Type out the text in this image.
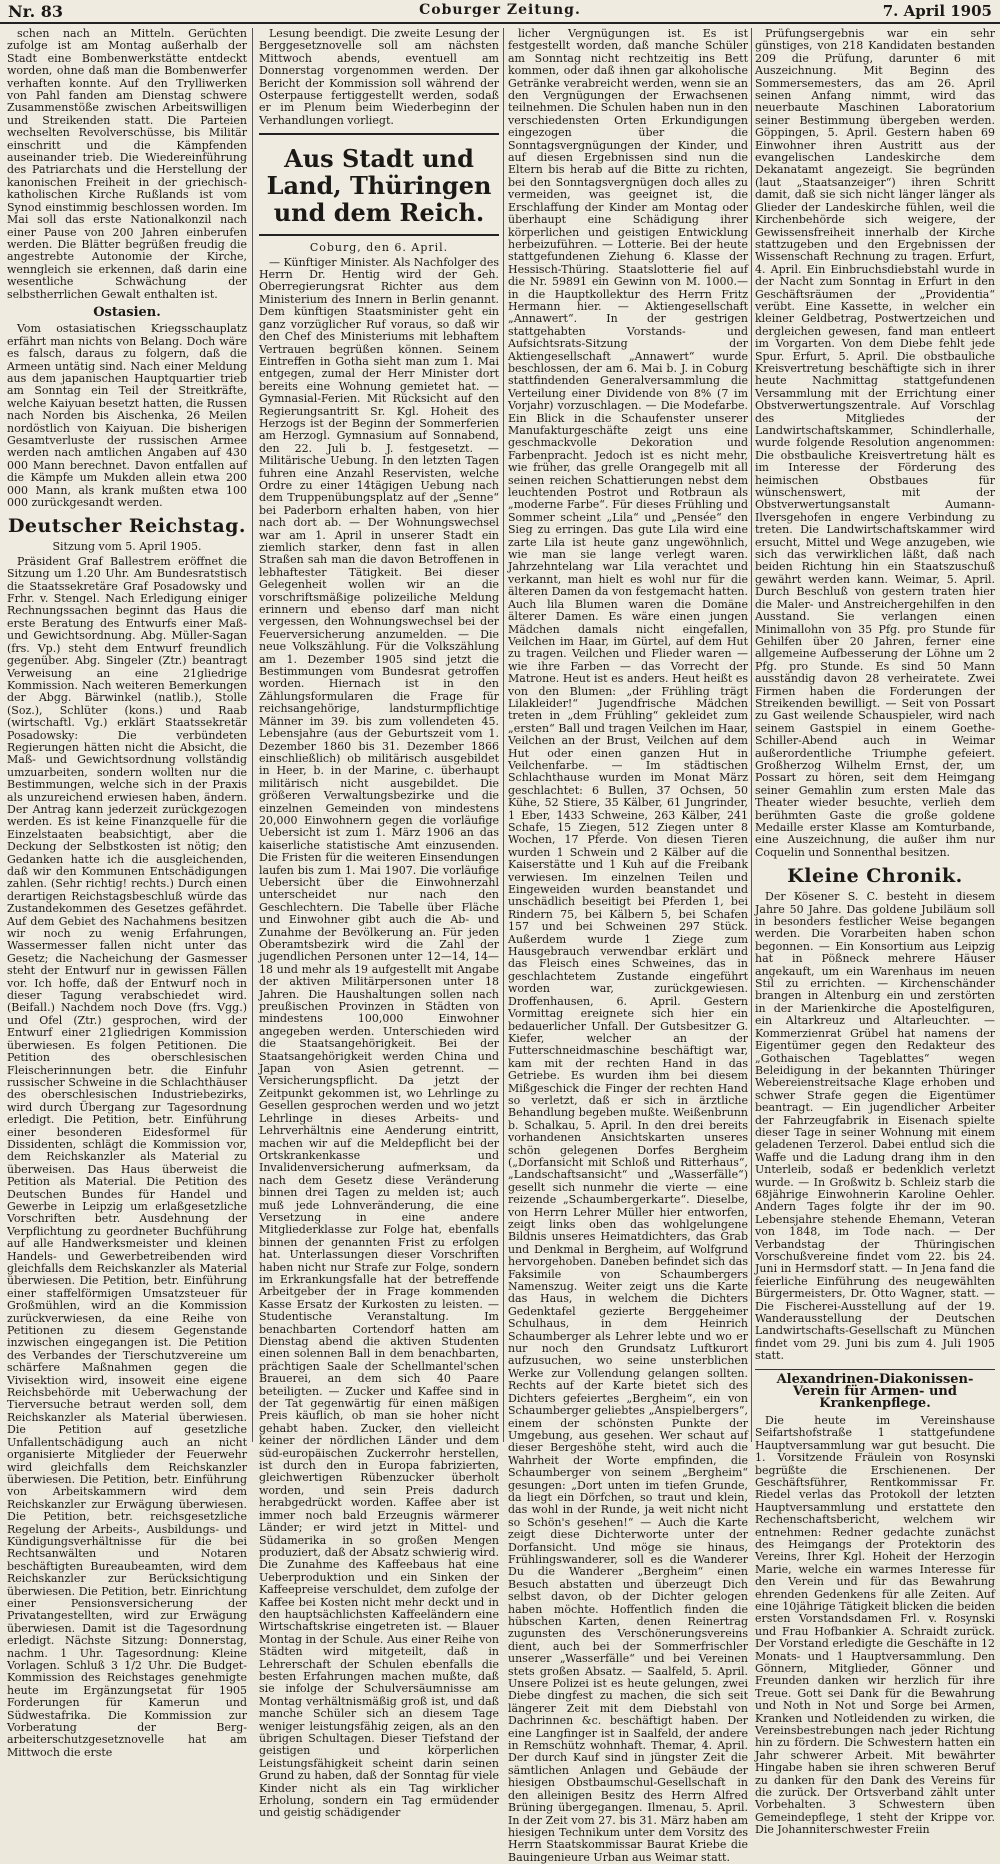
Nr. 83	Coburger Zeitung.	7. April 1905

schen nach an Mitteln. Gerüchten zufolge ist am Montag außerhalb der Stadt eine Bombenwerkstätte entdeckt worden, ohne daß man die Bombenwerfer verhaften konnte. Auf den Trylliwerken von Pahl fanden am Dienstag schwere Zusammenstöße zwischen Arbeitswilligen und Streikenden statt. Die Parteien wechselten Revolverschüsse, bis Militär einschritt und die Kämpfenden auseinander trieb. Die Wiedereinführung des Patriarchats und die Herstellung der kanonischen Freiheit in der griechisch-katholischen Kirche Rußlands ist vom Synod einstimmig beschlossen worden. Im Mai soll das erste Nationalkonzil nach einer Pause von 200 Jahren einberufen werden. Die Blätter begrüßen freudig die angestrebte Autonomie der Kirche, wenngleich sie erkennen, daß darin eine wesentliche Schwächung der selbstherrlichen Gewalt enthalten ist.

Ostasien.

Vom ostasiatischen Kriegsschauplatz erfährt man nichts von Belang. Doch wäre es falsch, daraus zu folgern, daß die Armeen untätig sind. Nach einer Meldung aus dem japanischen Hauptquartier trieb am Sonntag ein Teil der Streitkräfte, welche Kaiyuan besetzt hatten, die Russen nach Norden bis Aischenka, 26 Meilen nordöstlich von Kaiyuan. Die bisherigen Gesamtverluste der russischen Armee werden nach amtlichen Angaben auf 430 000 Mann berechnet. Davon entfallen auf die Kämpfe um Mukden allein etwa 200 000 Mann, als krank mußten etwa 100 000 zurückgesandt werden.

Deutscher Reichstag.

Sitzung vom 5. April 1905.

Präsident Graf Ballestrem eröffnet die Sitzung um 1.20 Uhr. Am Bundesratstisch die Staatssekretäre Graf Posadowsky und Frhr. v. Stengel. Nach Erledigung einiger Rechnungssachen beginnt das Haus die erste Beratung des Entwurfs einer Maß- und Gewichtsordnung. Abg. Müller-Sagan (frs. Vp.) steht dem Entwurf freundlich gegenüber. Abg. Singeler (Ztr.) beantragt Verweisung an eine 21gliedrige Kommission. Nach weiteren Bemerkungen der Abgg. Bärwinkel (natlib.), Stolle (Soz.), Schlüter (kons.) und Raab (wirtschaftl. Vg.) erklärt Staatssekretär Posadowsky: Die verbündeten Regierungen hätten nicht die Absicht, die Maß- und Gewichtsordnung vollständig umzuarbeiten, sondern wollten nur die Bestimmungen, welche sich in der Praxis als unzureichend erwiesen haben, ändern. Der Antrag kann jederzeit zurückgezogen werden. Es ist keine Finanzquelle für die Einzelstaaten beabsichtigt, aber die Deckung der Selbstkosten ist nötig; den Gedanken hatte ich die ausgleichenden, daß wir den Kommunen Entschädigungen zahlen. (Sehr richtig! rechts.) Durch einen derartigen Reichstagsbeschluß würde das Zustandekommen des Gesetzes gefährdet. Auf dem Gebiet des Nachahmens besitzen wir noch zu wenig Erfahrungen, Wassermesser fallen nicht unter das Gesetz; die Nacheichung der Gasmesser steht der Entwurf nur in gewissen Fällen vor. Ich hoffe, daß der Entwurf noch in dieser Tagung verabschiedet wird. (Beifall.) Nachdem noch Dove (frs. Vgg.) und Ofel (Ztr.) gesprochen, wird der Entwurf einer 21gliedrigen Kommission überwiesen. Es folgen Petitionen. Die Petition des oberschlesischen Fleischerinnungen betr. die Einfuhr russischer Schweine in die Schlachthäuser des oberschlesischen Industriebezirks, wird durch Übergang zur Tagesordnung erledigt. Die Petition, betr. Einführung einer besonderen Eidesformel für Dissidenten, schlägt die Kommission vor, dem Reichskanzler als Material zu überweisen. Das Haus überweist die Petition als Material. Die Petition des Deutschen Bundes für Handel und Gewerbe in Leipzig um erlaßgesetzliche Vorschriften betr. Ausdehnung der Verpflichtung zu geordneter Buchführung auf alle Handwerksmeister und kleinen Handels- und Gewerbetreibenden wird gleichfalls dem Reichskanzler als Material überwiesen. Die Petition, betr. Einführung einer staffelförmigen Umsatzsteuer für Großmühlen, wird an die Kommission zurückverwiesen, da eine Reihe von Petitionen zu diesem Gegenstande inzwischen eingegangen ist. Die Petition des Verbandes der Tierschutzvereine um schärfere Maßnahmen gegen die Vivisektion wird, insoweit eine eigene Reichsbehörde mit Ueberwachung der Tierversuche betraut werden soll, dem Reichskanzler als Material überwiesen. Die Petition auf gesetzliche Unfallentschädigung auch an nicht organisierte Mitglieder der Feuerwehr wird gleichfalls dem Reichskanzler überwiesen. Die Petition, betr. Einführung von Arbeitskammern wird dem Reichskanzler zur Erwägung überwiesen. Die Petition, betr. reichsgesetzliche Regelung der Arbeits-, Ausbildungs- und Kündigungsverhältnisse für die bei Rechtsanwälten und Notaren beschäftigten Bureaubeamten, wird dem Reichskanzler zur Berücksichtigung überwiesen. Die Petition, betr. Einrichtung einer Pensionsversicherung der Privatangestellten, wird zur Erwägung überwiesen. Damit ist die Tagesordnung erledigt. Nächste Sitzung: Donnerstag, nachm. 1 Uhr. Tagesordnung: Kleine Vorlagen. Schluß 3 1/2 Uhr. Die Budget-Kommission des Reichstages genehmigte heute im Ergänzungsetat für 1905 Forderungen für Kamerun und Südwestafrika. Die Kommission zur Vorberatung der Berg-arbeiterschutzgesetznovelle hat am Mittwoch die erste

Lesung beendigt. Die zweite Lesung der Berggesetznovelle soll am nächsten Mittwoch abends, eventuell am Donnerstag vorgenommen werden. Der Bericht der Kommission soll während der Osterpause fertiggestellt werden, sodaß er im Plenum beim Wiederbeginn der Verhandlungen vorliegt.

Aus Stadt und Land, Thüringen und dem Reich.

Coburg, den 6. April.

— Künftiger Minister. Als Nachfolger des Herrn Dr. Hentig wird der Geh. Oberregierungsrat Richter aus dem Ministerium des Innern in Berlin genannt. Dem künftigen Staatsminister geht ein ganz vorzüglicher Ruf voraus, so daß wir den Chef des Ministeriums mit lebhaftem Vertrauen begrüßen können. Seinem Eintreffen in Gotha sieht man zum 1. Mai entgegen, zumal der Herr Minister dort bereits eine Wohnung gemietet hat. — Gymnasial-Ferien. Mit Rücksicht auf den Regierungsantritt Sr. Kgl. Hoheit des Herzogs ist der Beginn der Sommerferien am Herzogl. Gymnasium auf Sonnabend, den 22. Juli b. J. festgesetzt. — Militärische Uebung. In den letzten Tagen fuhren eine Anzahl Reservisten, welche Ordre zu einer 14tägigen Uebung nach dem Truppenübungsplatz auf der „Senne“ bei Paderborn erhalten haben, von hier nach dort ab. — Der Wohnungswechsel war am 1. April in unserer Stadt ein ziemlich starker, denn fast in allen Straßen sah man die davon Betroffenen in lebhaftester Tätigkeit. Bei dieser Gelegenheit wollen wir an die vorschriftsmäßige polizeiliche Meldung erinnern und ebenso darf man nicht vergessen, den Wohnungswechsel bei der Feuerversicherung anzumelden. — Die neue Volkszählung. Für die Volkszählung am 1. Dezember 1905 sind jetzt die Bestimmungen vom Bundesrat getroffen worden. Hiernach ist in den Zählungsformularen die Frage für reichsangehörige, landsturmpflichtige Männer im 39. bis zum vollendeten 45. Lebensjahre (aus der Geburtszeit vom 1. Dezember 1860 bis 31. Dezember 1866 einschließlich) ob militärisch ausgebildet in Heer, b. in der Marine, c. überhaupt militärisch nicht ausgebildet. Die größeren Verwaltungsbezirke und die einzelnen Gemeinden von mindestens 20,000 Einwohnern gegen die vorläufige Uebersicht ist zum 1. März 1906 an das kaiserliche statistische Amt einzusenden. Die Fristen für die weiteren Einsendungen laufen bis zum 1. Mai 1907. Die vorläufige Uebersicht über die Einwohnerzahl unterscheidet nur nach den Geschlechtern. Die Tabelle über Fläche und Einwohner gibt auch die Ab- und Zunahme der Bevölkerung an. Für jeden Oberamtsbezirk wird die Zahl der jugendlichen Personen unter 12—14, 14—18 und mehr als 19 aufgestellt mit Angabe der aktiven Militärpersonen unter 18 Jahren. Die Haushaltungen sollen nach preußischen Provinzen in Städten von mindestens 100,000 Einwohner angegeben werden. Unterschieden wird die Staatsangehörigkeit. Bei der Staatsangehörigkeit werden China und Japan von Asien getrennt. — Versicherungspflicht. Da jetzt der Zeitpunkt gekommen ist, wo Lehrlinge zu Gesellen gesprochen werden und wo jetzt Lehrlinge in dieses Arbeits- und Lehrverhältnis eine Aenderung eintritt, machen wir auf die Meldepflicht bei der Ortskrankenkasse und Invalidenversicherung aufmerksam, da nach dem Gesetz diese Veränderung binnen drei Tagen zu melden ist; auch muß jede Lohnveränderung, die eine Versetzung in eine andere Mitgliederklasse zur Folge hat, ebenfalls binnen der genannten Frist zu erfolgen hat. Unterlassungen dieser Vorschriften haben nicht nur Strafe zur Folge, sondern im Erkrankungsfalle hat der betreffende Arbeitgeber der in Frage kommenden Kasse Ersatz der Kurkosten zu leisten. — Studentische Veranstaltung. Im benachbarten Cortendorf hatten am Dienstag abend die aktiven Studenten einen solennen Ball in dem benachbarten, prächtigen Saale der Schellmantel'schen Brauerei, an dem sich 40 Paare beteiligten. — Zucker und Kaffee sind in der Tat gegenwärtig für einen mäßigen Preis käuflich, ob man sie hoher nicht gehabt haben. Zucker, den vielleicht keiner der nördlichen Länder und dem süd-europäischen Zuckerrohr herstellen, ist durch den in Europa fabrizierten, gleichwertigen Rübenzucker überholt worden, und sein Preis dadurch herabgedrückt worden. Kaffee aber ist immer noch bald Erzeugnis wärmerer Länder; er wird jetzt in Mittel- und Südamerika in so großen Mengen produziert, daß der Absatz schwierig wird. Die Zunahme des Kaffeebaus hat eine Ueberproduktion und ein Sinken der Kaffeepreise verschuldet, dem zufolge der Kaffee bei Kosten nicht mehr deckt und in den hauptsächlichsten Kaffeeländern eine Wirtschaftskrise eingetreten ist. — Blauer Montag in der Schule. Aus einer Reihe von Städten wird mitgeteilt, daß in Lehrerschaft der Schulen ebenfalls die besten Erfahrungen machen mußte, daß sie infolge der Schulversäumnisse am Montag verhältnismäßig groß ist, und daß manche Schüler sich an diesem Tage weniger leistungsfähig zeigen, als an den übrigen Schultagen. Dieser Tiefstand der geistigen und körperlichen Leistungsfähigkeit scheint darin seinen Grund zu haben, daß der Sonntag für viele Kinder nicht als ein Tag wirklicher Erholung, sondern ein Tag ermüdender und geistig schädigender

licher Vergnügungen ist. Es ist festgestellt worden, daß manche Schüler am Sonntag nicht rechtzeitig ins Bett kommen, oder daß ihnen gar alkoholische Getränke verabreicht werden, wenn sie an den Vergnügungen der Erwachsenen teilnehmen. Die Schulen haben nun in den verschiedensten Orten Erkundigungen eingezogen über die Sonntagsvergnügungen der Kinder, und auf diesen Ergebnissen sind nun die Eltern bis herab auf die Bitte zu richten, bei den Sonntagsvergnügen doch alles zu vermeiden, was geeignet ist, die Erschlaffung der Kinder am Montag oder überhaupt eine Schädigung ihrer körperlichen und geistigen Entwicklung herbeizuführen. — Lotterie. Bei der heute stattgefundenen Ziehung 6. Klasse der Hessisch-Thüring. Staatslotterie fiel auf die Nr. 59891 ein Gewinn von M. 1000.— in die Hauptkollektur des Herrn Fritz Hermann hier. — Aktiengesellschaft „Annawert“. In der gestrigen stattgehabten Vorstands- und Aufsichtsrats-Sitzung der Aktiengesellschaft „Annawert“ wurde beschlossen, der am 6. Mai b. J. in Coburg stattfindenden Generalversammlung die Verteilung einer Dividende von 8% (7 im Vorjahr) vorzuschlagen. — Die Modefarbe. Ein Blick in die Schaufenster unserer Manufakturgeschäfte zeigt uns eine geschmackvolle Dekoration und Farbenpracht. Jedoch ist es nicht mehr, wie früher, das grelle Orangegelb mit all seinen reichen Schattierungen nebst dem leuchtenden Postrot und Rotbraun als „moderne Farbe“. Für dieses Frühling und Sommer scheint „Lila“ und „Pensée“ den Sieg zu erringen. Das gute Lila wird eine zarte Lila ist heute ganz ungewöhnlich, wie man sie lange verlegt waren. Jahrzehntelang war Lila verachtet und verkannt, man hielt es wohl nur für die älteren Damen da von festgemacht hatten. Auch lila Blumen waren die Domäne älterer Damen. Es wäre einen jungen Mädchen damals nicht eingefallen, Veilchen im Haar, im Gürtel, auf dem Hut zu tragen. Veilchen und Flieder waren — wie ihre Farben — das Vorrecht der Matrone. Heut ist es anders. Heut heißt es von den Blumen: „der Frühling trägt Lilakleider!“ Jugendfrische Mädchen treten in „dem Frühling“ gekleidet zum „ersten“ Ball und tragen Veilchen im Haar, Veilchen an der Brust, Veilchen auf dem Hut oder einen ganzen Hut in Veilchenfarbe. — Im städtischen Schlachthause wurden im Monat März geschlachtet: 6 Bullen, 37 Ochsen, 50 Kühe, 52 Stiere, 35 Kälber, 61 Jungrinder, 1 Eber, 1433 Schweine, 263 Kälber, 241 Schafe, 15 Ziegen, 512 Ziegen unter 8 Wochen, 17 Pferde. Von diesen Tieren wurden 1 Schwein und 2 Kälber auf die Kaiserstätte und 1 Kuh auf die Freibank verwiesen. Im einzelnen Teilen und Eingeweiden wurden beanstandet und unschädlich beseitigt bei Pferden 1, bei Rindern 75, bei Kälbern 5, bei Schafen 157 und bei Schweinen 297 Stück. Außerdem wurde 1 Ziege zum Hausgebrauch verwendbar erklärt und das Fleisch eines Schweines, das in geschlachtetem Zustande eingeführt worden war, zurückgewiesen. Droffenhausen, 6. April. Gestern Vormittag ereignete sich hier ein bedauerlicher Unfall. Der Gutsbesitzer G. Kiefer, welcher an der Futterschneidmaschine beschäftigt war, kam mit der rechten Hand in das Getriebe. Es wurden ihm bei diesem Mißgeschick die Finger der rechten Hand so verletzt, daß er sich in ärztliche Behandlung begeben mußte. Weißenbrunn b. Schalkau, 5. April. In den drei bereits vorhandenen Ansichtskarten unseres schön gelegenen Dorfes Bergheim („Dorfansicht mit Schloß und Ritterhaus“, „Landschaftsansicht“ und „Wasserfälle“) gesellt sich nunmehr die vierte — eine reizende „Schaumbergerkarte“. Dieselbe, von Herrn Lehrer Müller hier entworfen, zeigt links oben das wohlgelungene Bildnis unseres Heimatdichters, das Grab und Denkmal in Bergheim, auf Wolfgrund hervorgehoben. Daneben befindet sich das Faksimile von Schaumbergers Namenszug. Weiter zeigt uns die Karte das Haus, in welchem die Dichters Gedenktafel gezierte Berggeheimer Schulhaus, in dem Heinrich Schaumberger als Lehrer lebte und wo er nur noch den Grundsatz Luftkurort aufzusuchen, wo seine unsterblichen Werke zur Vollendung gelangen sollten. Rechts auf der Karte bietet sich des Dichters gefeiertes „Bergheim“, ein von Schaumberger geliebtes „Anspielbergers“, einem der schönsten Punkte der Umgebung, aus gesehen. Wer schaut auf dieser Bergeshöhe steht, wird auch die Wahrheit der Worte empfinden, die Schaumberger von seinem „Bergheim“ gesungen: „Dort unten im tiefen Grunde, da liegt ein Dörfchen, so traut und klein, das wohl in der Runde, ja weit nicht nicht so Schön's gesehen!“ — Auch die Karte zeigt diese Dichterworte unter der Dorfansicht. Und möge sie hinaus, Frühlingswanderer, soll es die Wanderer Du die Wanderer „Bergheim“ einen Besuch abstatten und überzeugt Dich selbst davon, ob der Dichter gelogen haben möchte. Hoffentlich finden die hübschen Karten, denen Reinertrag zugunsten des Verschönerungsvereins dient, auch bei der Sommerfrischler unserer „Wasserfälle“ und bei Vereinen stets großen Absatz. — Saalfeld, 5. April. Unsere Polizei ist es heute gelungen, zwei Diebe dingfest zu machen, die sich seit längerer Zeit mit dem Diebstahl von Dachrinnen &c. beschäftigt haben. Der eine Langfinger ist in Saalfeld, der andere in Remschütz wohnhaft. Themar, 4. April. Der durch Kauf sind in jüngster Zeit die sämtlichen Anlagen und Gebäude der hiesigen Obstbaumschul-Gesellschaft in den alleinigen Besitz des Herrn Alfred Brüning übergegangen. Ilmenau, 5. April. In der Zeit vom 27. bis 31. März haben am hiesigen Technikum unter dem Vorsitz des Herrn Staatskommissar Baurat Kriebe die Bauingenieure Urban aus Weimar statt.

Prüfungsergebnis war ein sehr günstiges, von 218 Kandidaten bestanden 209 die Prüfung, darunter 6 mit Auszeichnung. Mit Beginn des Sommersemesters, das am 26. April seinen Anfang nimmt, wird das neuerbaute Maschinen Laboratorium seiner Bestimmung übergeben werden. Göppingen, 5. April. Gestern haben 69 Einwohner ihren Austritt aus der evangelischen Landeskirche dem Dekanatamt angezeigt. Sie begründen (laut „Staatsanzeiger“) ihren Schritt damit, daß sie sich nicht länger länger als Glieder der Landeskirche fühlen, weil die Kirchenbehörde sich weigere, der Gewissensfreiheit innerhalb der Kirche stattzugeben und den Ergebnissen der Wissenschaft Rechnung zu tragen. Erfurt, 4. April. Ein Einbruchsdiebstahl wurde in der Nacht zum Sonntag in Erfurt in den Geschäftsräumen der „Providentia“ verübt. Eine Kassette, in welcher ein kleiner Geldbetrag, Postwertzeichen und dergleichen gewesen, fand man entleert im Vorgarten. Von dem Diebe fehlt jede Spur. Erfurt, 5. April. Die obstbauliche Kreisvertretung beschäftigte sich in ihrer heute Nachmittag stattgefundenen Versammlung mit der Errichtung einer Obstverwertungszentrale. Auf Vorschlag des Mitgliedes der Landwirtschaftskammer, Schindlerhalle, wurde folgende Resolution angenommen: Die obstbauliche Kreisvertretung hält es im Interesse der Förderung des heimischen Obstbaues für wünschenswert, mit der Obstverwertungsanstalt Aumann-Ilversgehofen in engere Verbindung zu treten. Die Landwirtschaftskammer wird ersucht, Mittel und Wege anzugeben, wie sich das verwirklichen läßt, daß nach beiden Richtung hin ein Staatszuschuß gewährt werden kann. Weimar, 5. April. Durch Beschluß von gestern traten hier die Maler- und Anstreichergehilfen in den Ausstand. Sie verlangen einen Minimallohn von 35 Pfg. pro Stunde für Gehilfen über 20 Jahren, ferner eine allgemeine Aufbesserung der Löhne um 2 Pfg. pro Stunde. Es sind 50 Mann ausständig davon 28 verheiratete. Zwei Firmen haben die Forderungen der Streikenden bewilligt. — Seit von Possart zu Gast weilende Schauspieler, wird nach seinem Gastspiel in einem Goethe-Schiller-Abend auch in Weimar außerordentliche Triumphe gefeiert. Großherzog Wilhelm Ernst, der, um Possart zu hören, seit dem Heimgang seiner Gemahlin zum ersten Male das Theater wieder besuchte, verlieh dem berühmten Gaste die große goldene Medaille erster Klasse am Komturbande, eine Auszeichnung, die außer ihm nur Coquelin und Sonnenthal besitzen.

Kleine Chronik.

Der Kösener S. C. besteht in diesem Jahre 50 Jahre. Das goldene Jubiläum soll in besonders festlicher Weise begangen werden. Die Vorarbeiten haben schon begonnen. — Ein Konsortium aus Leipzig hat in Pößneck mehrere Häuser angekauft, um ein Warenhaus im neuen Stil zu errichten. — Kirchenschänder brangen in Altenburg ein und zerstörten in der Marienkirche die Apostelfiguren, ein Altarkreuz und Altarleuchter. — Kommerzienrat Grübel hat namens der Eigentümer gegen den Redakteur des „Gothaischen Tageblattes“ wegen Beleidigung in der bekannten Thüringer Webereienstreitsache Klage erhoben und schwer Strafe gegen die Eigentümer beantragt. — Ein jugendlicher Arbeiter der Fahrzeugfabrik in Eisenach spielte dieser Tage in seiner Wohnung mit einem geladenen Terzerol. Dabei entlud sich die Waffe und die Ladung drang ihm in den Unterleib, sodaß er bedenklich verletzt wurde. — In Großwitz b. Schleiz starb die 68jährige Einwohnerin Karoline Oehler. Andern Tages folgte ihr der im 90. Lebensjahre stehende Ehemann, Veteran von 1848, im Tode nach. — Der Verbandstag der Thüringischen Vorschußvereine findet vom 22. bis 24. Juni in Hermsdorf statt. — In Jena fand die feierliche Einführung des neugewählten Bürgermeisters, Dr. Otto Wagner, statt. — Die Fischerei-Ausstellung auf der 19. Wanderausstellung der Deutschen Landwirtschafts-Gesellschaft zu München findet vom 29. Juni bis zum 4. Juli 1905 statt.

Alexandrinen-Diakonissen-Verein für Armen- und Krankenpflege.

Die heute im Vereinshause Seifartshofstraße 1 stattgefundene Hauptversammlung war gut besucht. Die 1. Vorsitzende Fräulein von Rosynski begrüßte die Erschienenen. Der Geschäftsführer, Rentkommissar Fr. Riedel verlas das Protokoll der letzten Hauptversammlung und erstattete den Rechenschaftsbericht, welchem wir entnehmen: Redner gedachte zunächst des Heimgangs der Protektorin des Vereins, Ihrer Kgl. Hoheit der Herzogin Marie, welche ein warmes Interesse für den Verein und für das Bewahrung ehrenden Gedenkens für alle Zeiten. Auf eine 10jährige Tätigkeit blicken die beiden ersten Vorstandsdamen Frl. v. Rosynski und Frau Hofbankier A. Schraidt zurück. Der Vorstand erledigte die Geschäfte in 12 Monats- und 1 Hauptversammlung. Den Gönnern, Mitglieder, Gönner und Freunden danken wir herzlich für ihre Treue. Gott sei Dank für die Bewahrung und Noth in Not und Sorge bei Armen, Kranken und Notleidenden zu wirken, die Vereinsbestrebungen nach jeder Richtung hin zu fördern. Die Schwestern hatten ein Jahr schwerer Arbeit. Mit bewährter Hingabe haben sie ihren schweren Beruf zu danken für den Dank des Vereins für die zurück. Der Ortsverband zählt unter Vorbehalten. 3 Schwestern üben Gemeindepflege, 1 steht der Krippe vor. Die Johanniterschwester Freiin
